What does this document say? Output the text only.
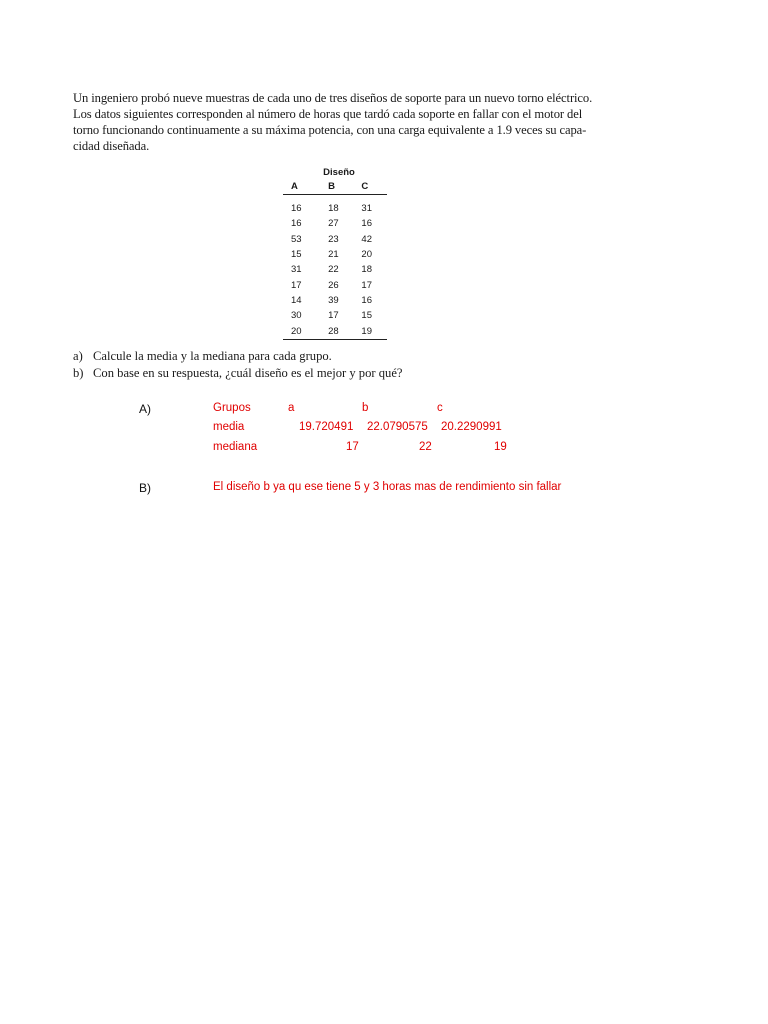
Un ingeniero probó nueve muestras de cada uno de tres diseños de soporte para un nuevo torno eléctrico.
Los datos siguientes corresponden al número de horas que tardó cada soporte en fallar con el motor del
torno funcionando continuamente a su máxima potencia, con una carga equivalente a 1.9 veces su capa-
cidad diseñada.

Diseño		
A	B	C

16	18	31
16	27	16
53	23	42
15	21	20
31	22	18
17	26	17
14	39	16
30	17	15
20	28	19

a) Calcule la media y la mediana para cada grupo.
b) Con base en su respuesta, ¿cuál diseño es el mejor y por qué?

A)	Grupos	a	b	c
media	19.720491 22.0790575 20.2290991
mediana	17	22	19
B)	El diseño b ya qu ese tiene 5 y 3 horas mas de rendimiento sin fallar
